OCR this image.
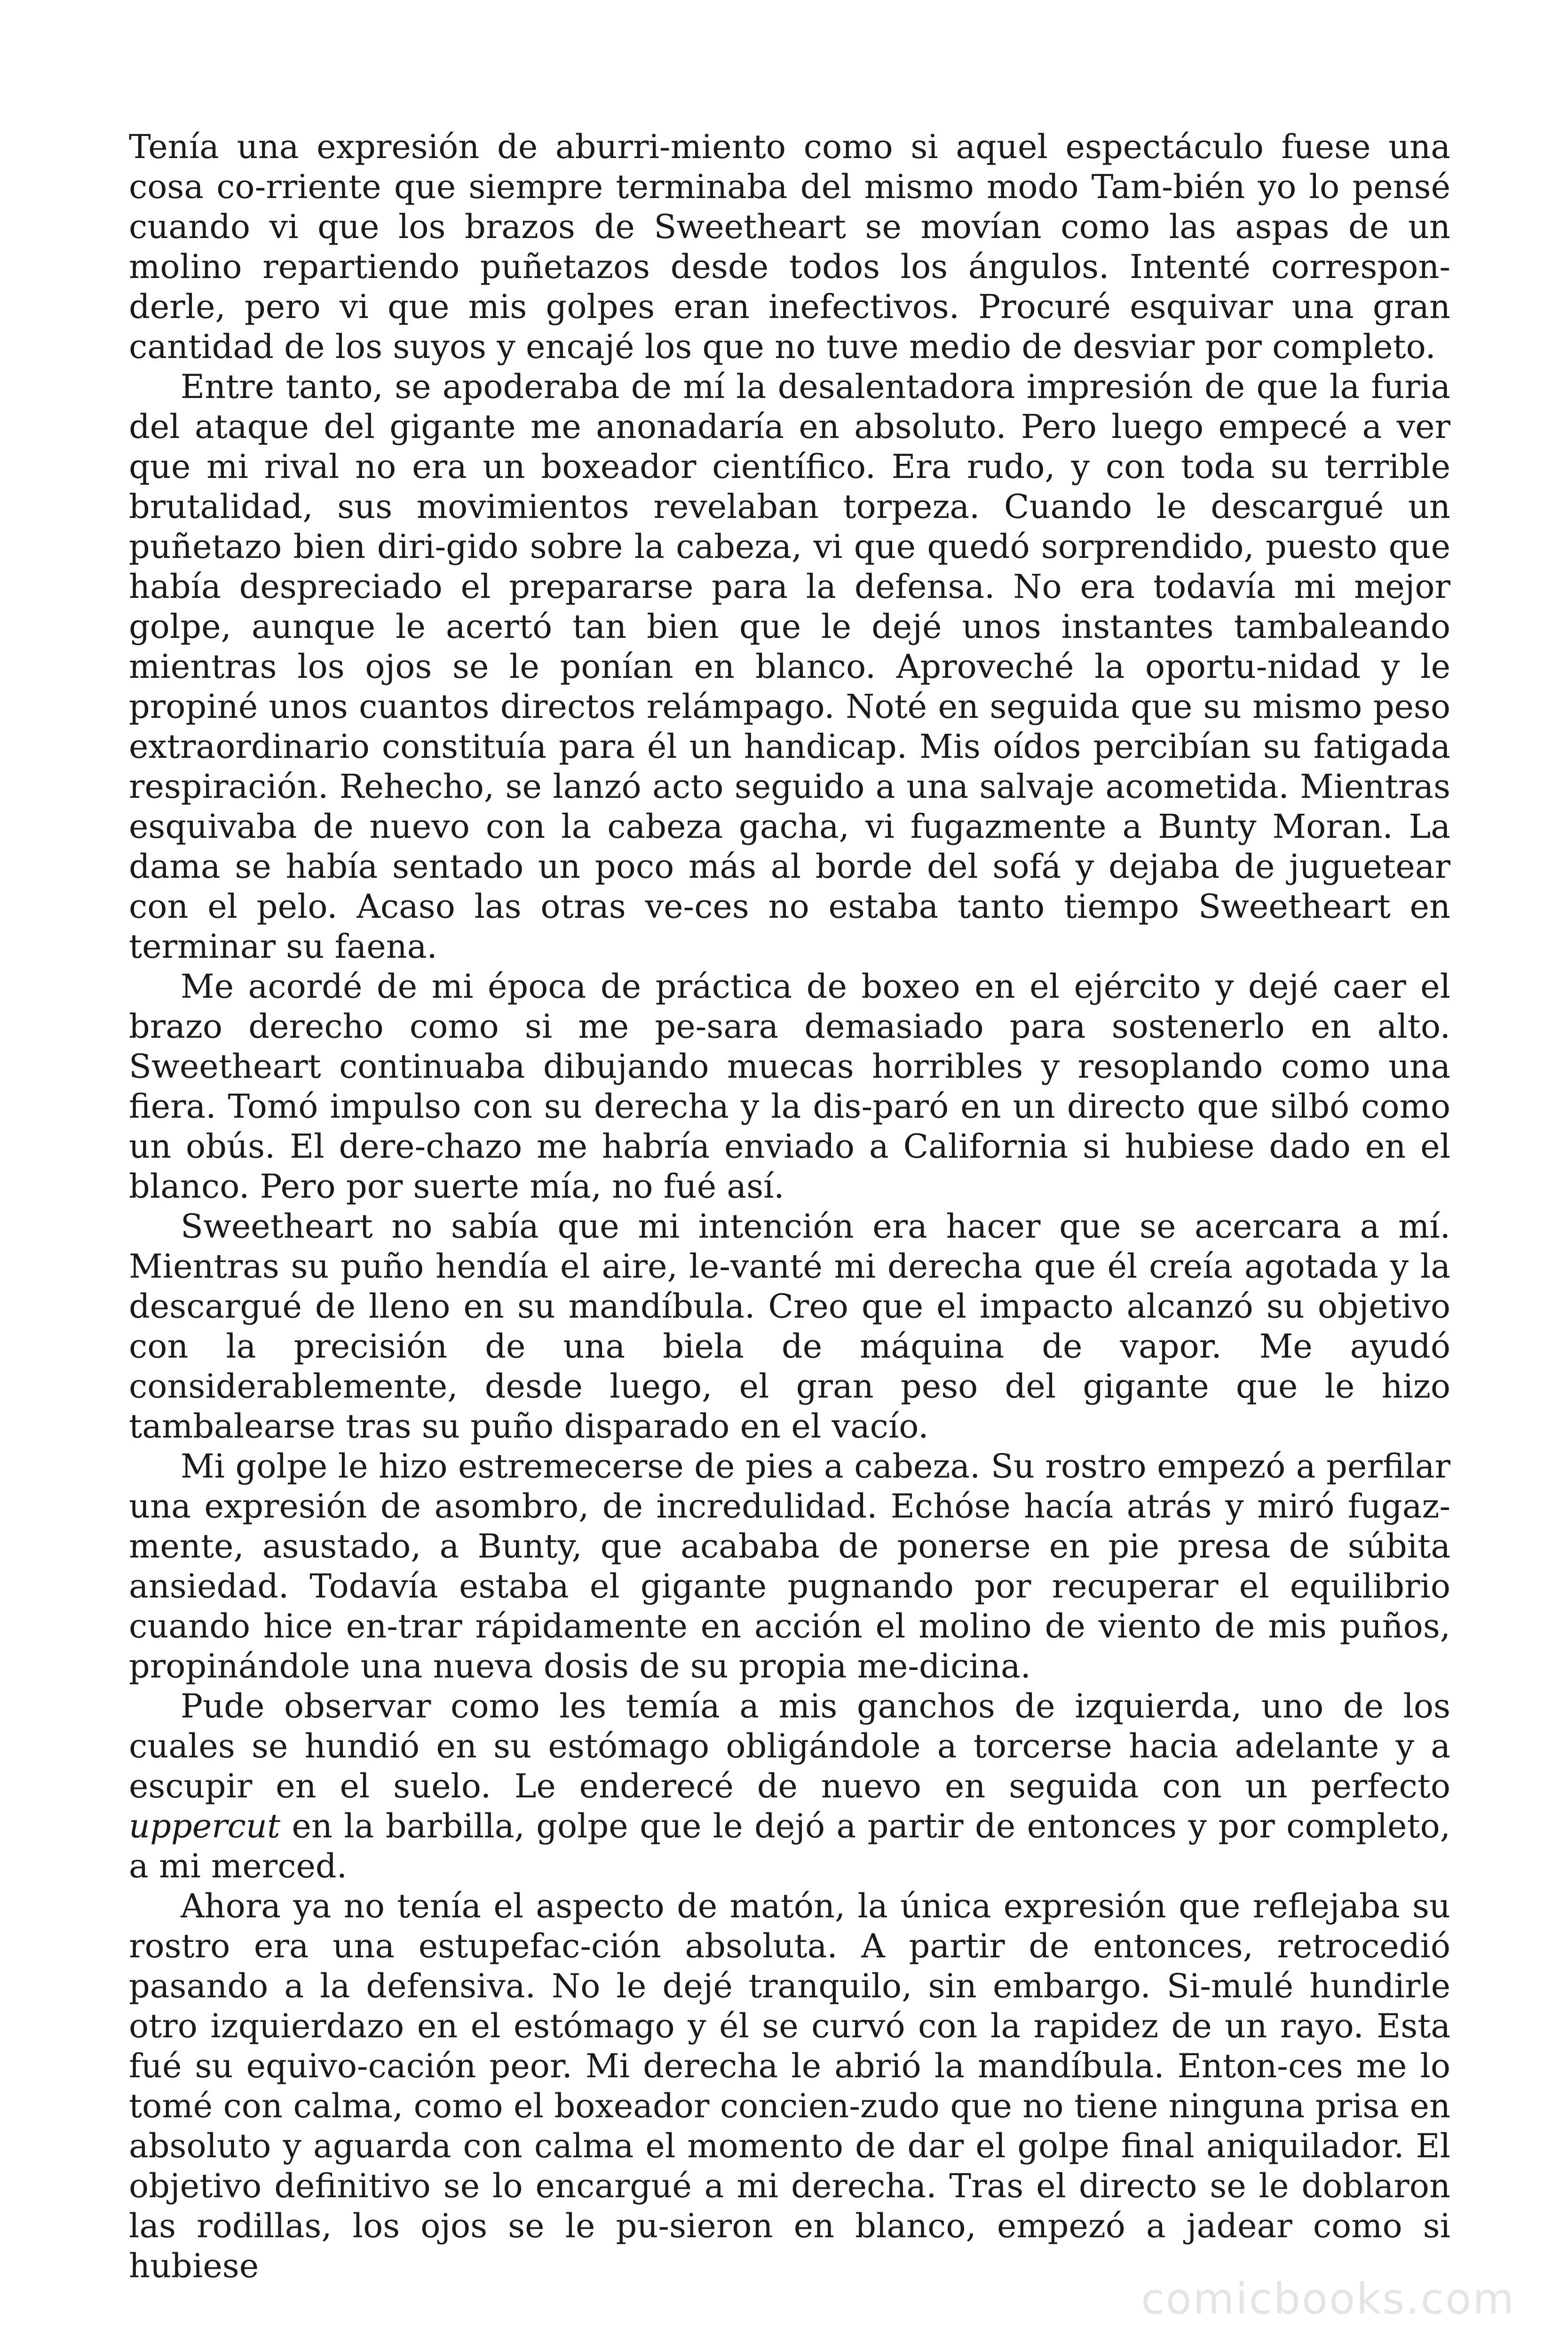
Tenía una expresión de aburri-miento como si aquel espectáculo fuese una cosa co-rriente que siempre terminaba del mismo modo Tam-bién yo lo pensé cuando vi que los brazos de Sweetheart se movían como las aspas de un molino repartiendo puñetazos desde todos los ángulos. Intenté correspon-derle, pero vi que mis golpes eran inefectivos. Procuré esquivar una gran cantidad de los suyos y encajé los que no tuve medio de desviar por completo.

Entre tanto, se apoderaba de mí la desalentadora impresión de que la furia del ataque del gigante me anonadaría en absoluto. Pero luego empecé a ver que mi rival no era un boxeador científico. Era rudo, y con toda su terrible brutalidad, sus movimientos revelaban torpeza. Cuando le descargué un puñetazo bien diri-gido sobre la cabeza, vi que quedó sorprendido, puesto que había despreciado el prepararse para la defensa. No era todavía mi mejor golpe, aunque le acertó tan bien que le dejé unos instantes tambaleando mientras los ojos se le ponían en blanco. Aproveché la oportu-nidad y le propiné unos cuantos directos relámpago. Noté en seguida que su mismo peso extraordinario constituía para él un handicap. Mis oídos percibían su fatigada respiración. Rehecho, se lanzó acto seguido a una salvaje acometida. Mientras esquivaba de nuevo con la cabeza gacha, vi fugazmente a Bunty Moran. La dama se había sentado un poco más al borde del sofá y dejaba de juguetear con el pelo. Acaso las otras ve-ces no estaba tanto tiempo Sweetheart en terminar su faena.

Me acordé de mi época de práctica de boxeo en el ejército y dejé caer el brazo derecho como si me pe-sara demasiado para sostenerlo en alto. Sweetheart continuaba dibujando muecas horribles y resoplando como una fiera. Tomó impulso con su derecha y la dis-paró en un directo que silbó como un obús. El dere-chazo me habría enviado a California si hubiese dado en el blanco. Pero por suerte mía, no fué así.

Sweetheart no sabía que mi intención era hacer que se acercara a mí. Mientras su puño hendía el aire, le-vanté mi derecha que él creía agotada y la descargué de lleno en su mandíbula. Creo que el impacto alcanzó su objetivo con la precisión de una biela de máquina de vapor. Me ayudó considerablemente, desde luego, el gran peso del gigante que le hizo tambalearse tras su puño disparado en el vacío.

Mi golpe le hizo estremecerse de pies a cabeza. Su rostro empezó a perfilar una expresión de asombro, de incredulidad. Echóse hacía atrás y miró fugaz-mente, asustado, a Bunty, que acababa de ponerse en pie presa de súbita ansiedad. Todavía estaba el gigante pugnando por recuperar el equilibrio cuando hice en-trar rápidamente en acción el molino de viento de mis puños, propinándole una nueva dosis de su propia me-dicina.

Pude observar como les temía a mis ganchos de izquierda, uno de los cuales se hundió en su estómago obligándole a torcerse hacia adelante y a escupir en el suelo. Le enderecé de nuevo en seguida con un perfecto uppercut en la barbilla, golpe que le dejó a partir de entonces y por completo, a mi merced.

Ahora ya no tenía el aspecto de matón, la única expresión que reflejaba su rostro era una estupefac-ción absoluta. A partir de entonces, retrocedió pasando a la defensiva. No le dejé tranquilo, sin embargo. Si-mulé hundirle otro izquierdazo en el estómago y él se curvó con la rapidez de un rayo. Esta fué su equivo-cación peor. Mi derecha le abrió la mandíbula. Enton-ces me lo tomé con calma, como el boxeador concien-zudo que no tiene ninguna prisa en absoluto y aguarda con calma el momento de dar el golpe final aniquilador. El objetivo definitivo se lo encargué a mi derecha. Tras el directo se le doblaron las rodillas, los ojos se le pu-sieron en blanco, empezó a jadear como si hubiese

comicbooks.com
